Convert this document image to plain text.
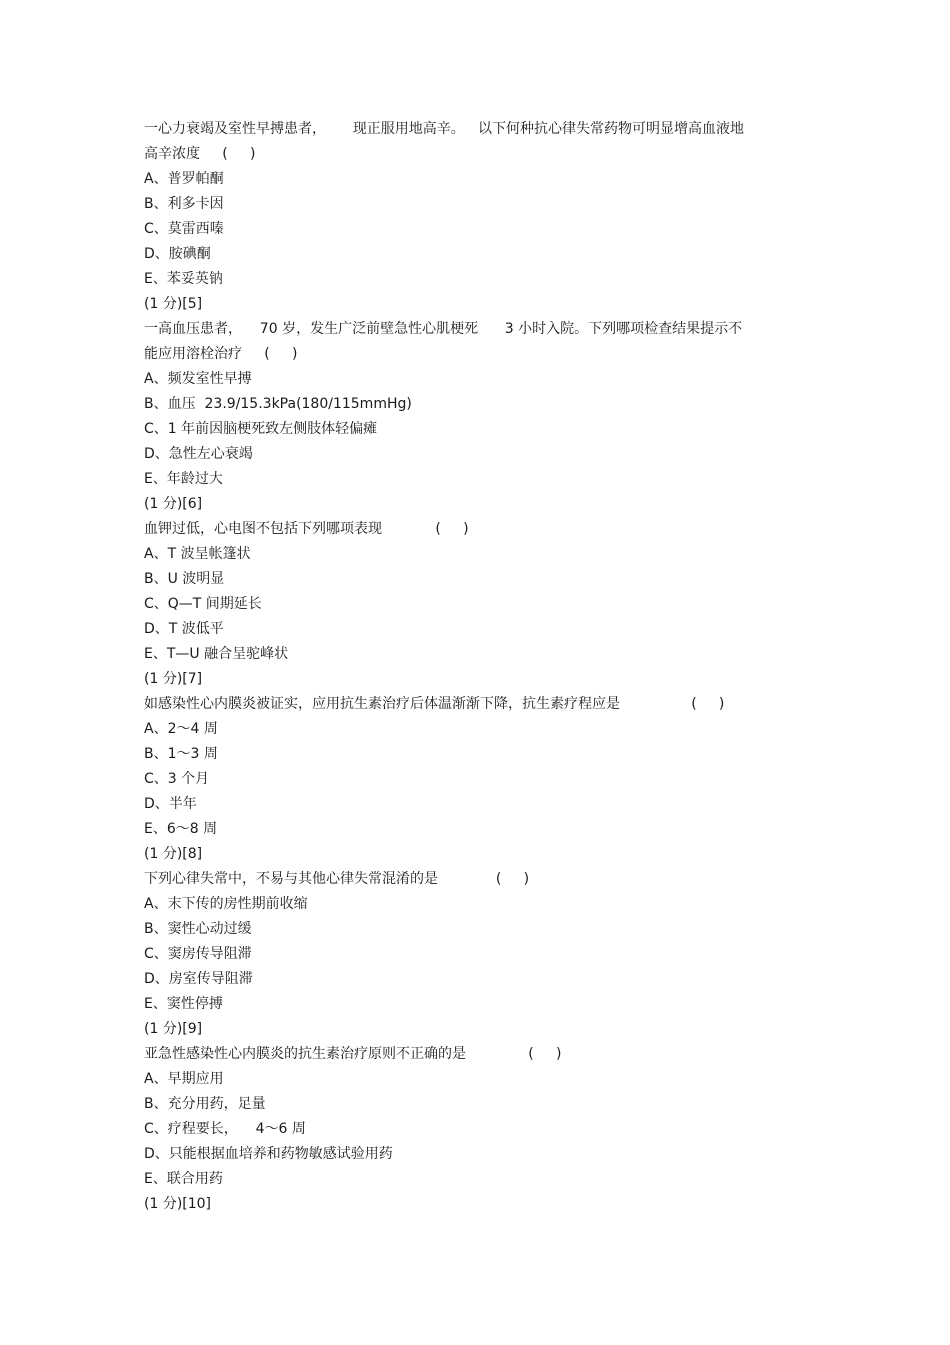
一心力衰竭及室性早搏患者，      现正服用地高辛。   以下何种抗心律失常药物可明显增高血液地
高辛浓度     (     )
A、普罗帕酮
B、利多卡因
C、莫雷西嗪
D、胺碘酮
E、苯妥英钠
(1 分)[5]
一高血压患者，    70 岁，发生广泛前壁急性心肌梗死      3 小时入院。下列哪项检查结果提示不
能应用溶栓治疗     (     )
A、频发室性早搏
B、血压  23.9/15.3kPa(180/115mmHg)
C、1 年前因脑梗死致左侧肢体轻偏瘫
D、急性左心衰竭
E、年龄过大
(1 分)[6]
血钾过低，心电图不包括下列哪项表现            (     )
A、T 波呈帐篷状
B、U 波明显
C、Q—T 间期延长
D、T 波低平
E、T—U 融合呈驼峰状
(1 分)[7]
如感染性心内膜炎被证实，应用抗生素治疗后体温渐渐下降，抗生素疗程应是                (     )
A、2～4 周
B、1～3 周
C、3 个月
D、半年
E、6～8 周
(1 分)[8]
下列心律失常中，不易与其他心律失常混淆的是             (     )
A、末下传的房性期前收缩
B、窦性心动过缓
C、窦房传导阻滞
D、房室传导阻滞
E、窦性停搏
(1 分)[9]
亚急性感染性心内膜炎的抗生素治疗原则不正确的是              (     )
A、早期应用
B、充分用药，足量
C、疗程要长，    4～6 周
D、只能根据血培养和药物敏感试验用药
E、联合用药
(1 分)[10]
